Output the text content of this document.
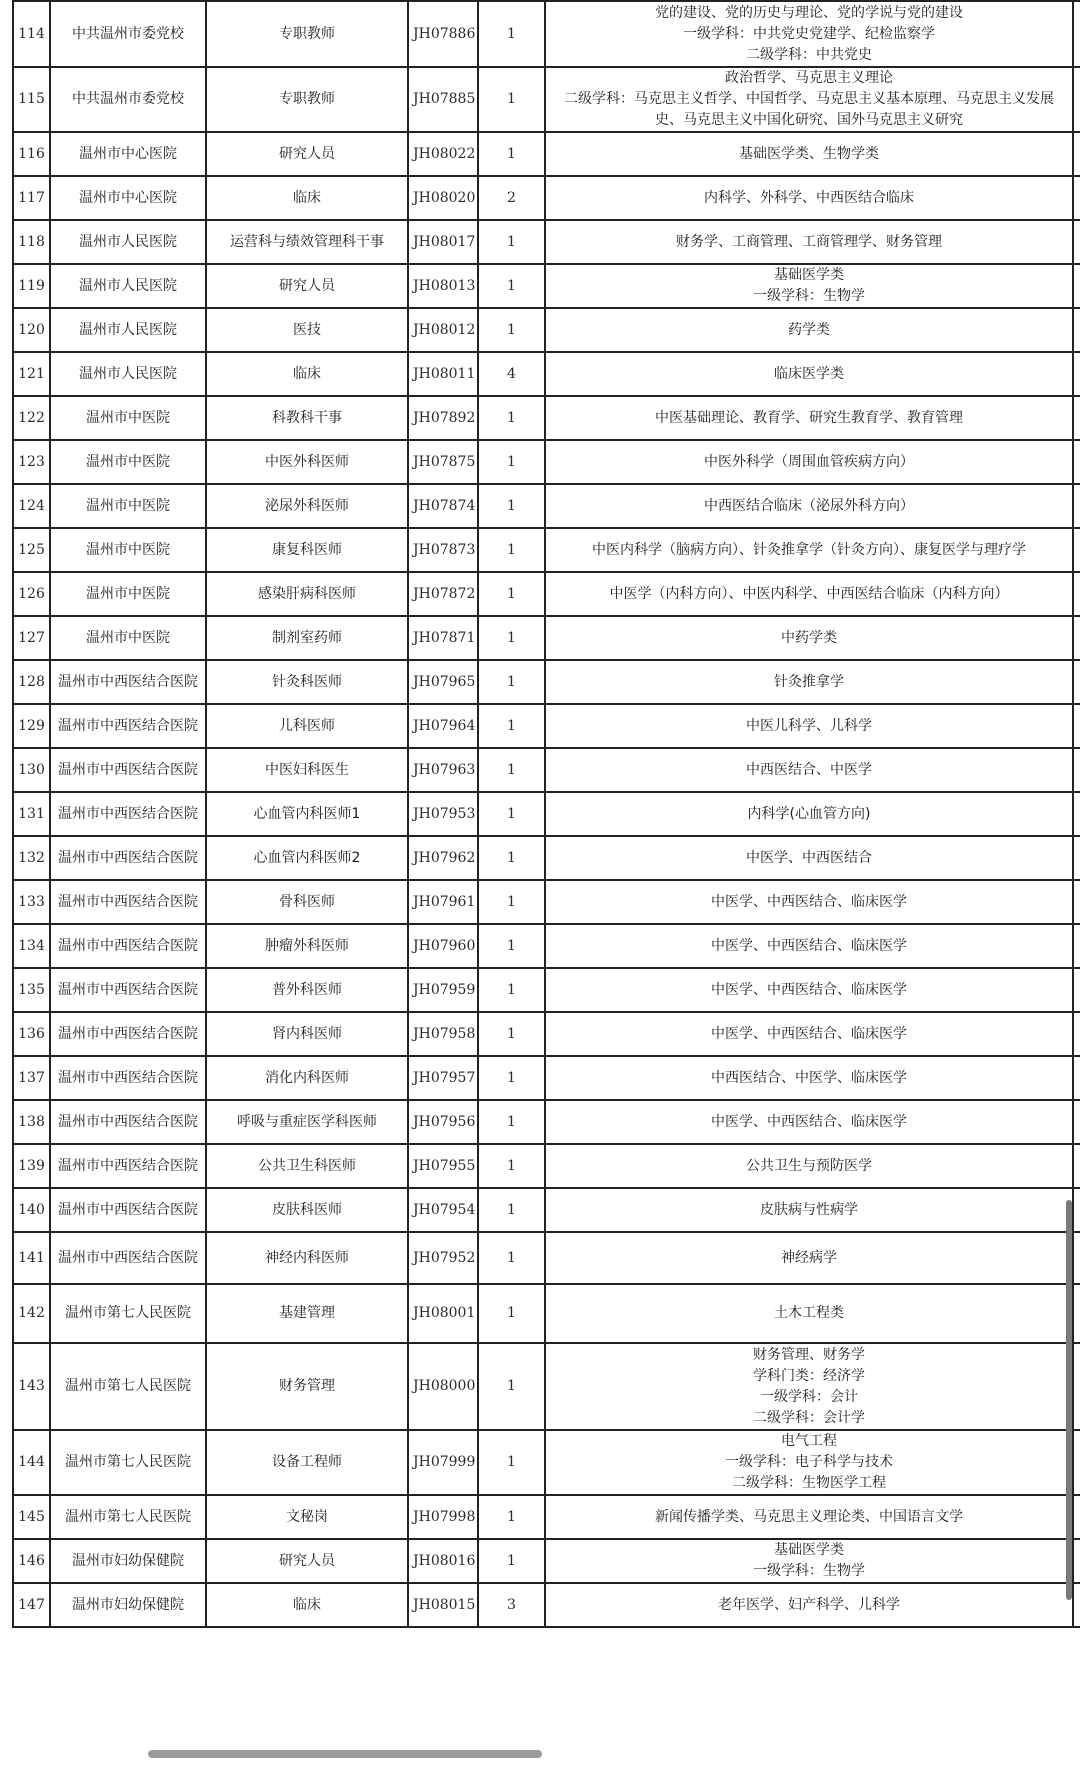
114	中共温州市委党校	专职教师	JH07886	1	党的建设、党的历史与理论、党的学说与党的建设
一级学科：中共党史党建学、纪检监察学
二级学科：中共党史	

115	中共温州市委党校	专职教师	JH07885	1	政治哲学、马克思主义理论
二级学科：马克思主义哲学、中国哲学、马克思主义基本原理、马克思主义发展
史、马克思主义中国化研究、国外马克思主义研究	

116	温州市中心医院	研究人员	JH08022	1	基础医学类、生物学类	

117	温州市中心医院	临床	JH08020	2	内科学、外科学、中西医结合临床	

118	温州市人民医院	运营科与绩效管理科干事	JH08017	1	财务学、工商管理、工商管理学、财务管理	

119	温州市人民医院	研究人员	JH08013	1	基础医学类
一级学科：生物学	

120	温州市人民医院	医技	JH08012	1	药学类	

121	温州市人民医院	临床	JH08011	4	临床医学类	

122	温州市中医院	科教科干事	JH07892	1	中医基础理论、教育学、研究生教育学、教育管理	

123	温州市中医院	中医外科医师	JH07875	1	中医外科学（周围血管疾病方向）	

124	温州市中医院	泌尿外科医师	JH07874	1	中西医结合临床（泌尿外科方向）	

125	温州市中医院	康复科医师	JH07873	1	中医内科学（脑病方向）、针灸推拿学（针灸方向）、康复医学与理疗学	

126	温州市中医院	感染肝病科医师	JH07872	1	中医学（内科方向）、中医内科学、中西医结合临床（内科方向）	

127	温州市中医院	制剂室药师	JH07871	1	中药学类	

128	温州市中西医结合医院	针灸科医师	JH07965	1	针灸推拿学	

129	温州市中西医结合医院	儿科医师	JH07964	1	中医儿科学、儿科学	

130	温州市中西医结合医院	中医妇科医生	JH07963	1	中西医结合、中医学	

131	温州市中西医结合医院	心血管内科医师1	JH07953	1	内科学(心血管方向)	

132	温州市中西医结合医院	心血管内科医师2	JH07962	1	中医学、中西医结合	

133	温州市中西医结合医院	骨科医师	JH07961	1	中医学、中西医结合、临床医学	

134	温州市中西医结合医院	肿瘤外科医师	JH07960	1	中医学、中西医结合、临床医学	

135	温州市中西医结合医院	普外科医师	JH07959	1	中医学、中西医结合、临床医学	

136	温州市中西医结合医院	肾内科医师	JH07958	1	中医学、中西医结合、临床医学	

137	温州市中西医结合医院	消化内科医师	JH07957	1	中西医结合、中医学、临床医学	

138	温州市中西医结合医院	呼吸与重症医学科医师	JH07956	1	中医学、中西医结合、临床医学	

139	温州市中西医结合医院	公共卫生科医师	JH07955	1	公共卫生与预防医学	

140	温州市中西医结合医院	皮肤科医师	JH07954	1	皮肤病与性病学	

141	温州市中西医结合医院	神经内科医师	JH07952	1	神经病学	

142	温州市第七人民医院	基建管理	JH08001	1	土木工程类	

143	温州市第七人民医院	财务管理	JH08000	1	财务管理、财务学
学科门类：经济学
一级学科：会计
二级学科：会计学	

144	温州市第七人民医院	设备工程师	JH07999	1	电气工程
一级学科：电子科学与技术
二级学科：生物医学工程	

145	温州市第七人民医院	文秘岗	JH07998	1	新闻传播学类、马克思主义理论类、中国语言文学	

146	温州市妇幼保健院	研究人员	JH08016	1	基础医学类
一级学科：生物学	

147	温州市妇幼保健院	临床	JH08015	3	老年医学、妇产科学、儿科学	
